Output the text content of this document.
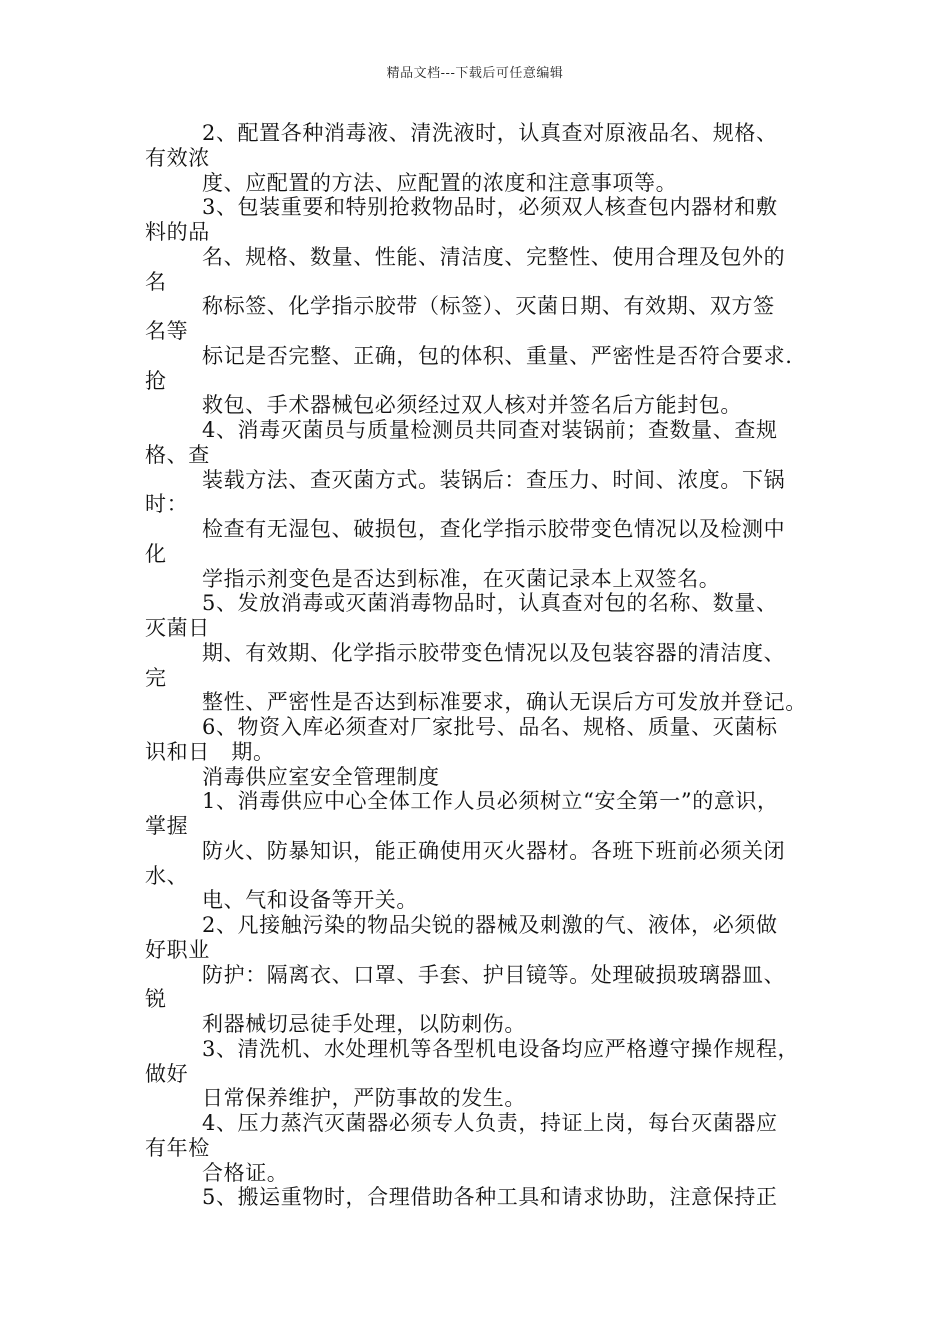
精品文档---下载后可任意编辑
2、配置各种消毒液、清洗液时，认真查对原液品名、规格、
有效浓
度、应配置的方法、应配置的浓度和注意事项等。
3、包装重要和特别抢救物品时，必须双人核查包内器材和敷
料的品
名、规格、数量、性能、清洁度、完整性、使用合理及包外的
名
称标签、化学指示胶带（标签）、灭菌日期、有效期、双方签
名等
标记是否完整、正确，包的体积、重量、严密性是否符合要求.
抢
救包、手术器械包必须经过双人核对并签名后方能封包。
4、消毒灭菌员与质量检测员共同查对装锅前；查数量、查规
格、查
装载方法、查灭菌方式。装锅后：查压力、时间、浓度。下锅
时：
检查有无湿包、破损包，查化学指示胶带变色情况以及检测中
化
学指示剂变色是否达到标准，在灭菌记录本上双签名。
5、发放消毒或灭菌消毒物品时，认真查对包的名称、数量、
灭菌日
期、有效期、化学指示胶带变色情况以及包装容器的清洁度、
完
整性、严密性是否达到标准要求，确认无误后方可发放并登记。
6、物资入库必须查对厂家批号、品名、规格、质量、灭菌标
识和日　期。
消毒供应室安全管理制度
1、消毒供应中心全体工作人员必须树立“安全第一”的意识，
掌握
防火、防暴知识，能正确使用灭火器材。各班下班前必须关闭
水、
电、气和设备等开关。
2、凡接触污染的物品尖锐的器械及刺激的气、液体，必须做
好职业
防护：隔离衣、口罩、手套、护目镜等。处理破损玻璃器皿、
锐
利器械切忌徒手处理，以防刺伤。
3、清洗机、水处理机等各型机电设备均应严格遵守操作规程，
做好
日常保养维护，严防事故的发生。
4、压力蒸汽灭菌器必须专人负责，持证上岗，每台灭菌器应
有年检
合格证。
5、搬运重物时，合理借助各种工具和请求协助，注意保持正
